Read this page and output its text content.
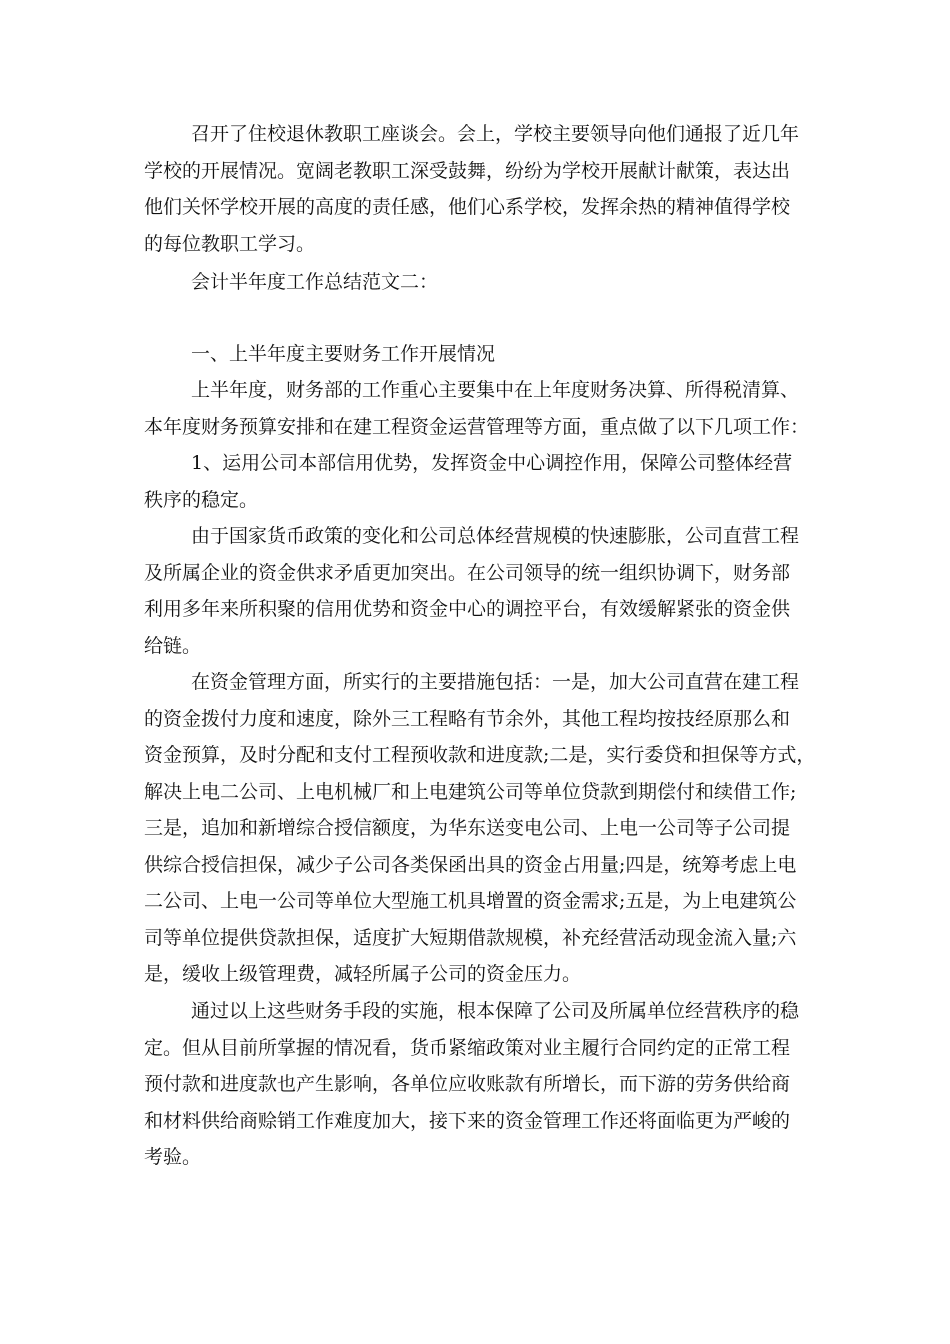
召开了住校退休教职工座谈会。会上，学校主要领导向他们通报了近几年
学校的开展情况。宽阔老教职工深受鼓舞，纷纷为学校开展献计献策，表达出
他们关怀学校开展的高度的责任感，他们心系学校，发挥余热的精神值得学校
的每位教职工学习。
会计半年度工作总结范文二：
一、上半年度主要财务工作开展情况
上半年度，财务部的工作重心主要集中在上年度财务决算、所得税清算、
本年度财务预算安排和在建工程资金运营管理等方面，重点做了以下几项工作：
1、运用公司本部信用优势，发挥资金中心调控作用，保障公司整体经营
秩序的稳定。
由于国家货币政策的变化和公司总体经营规模的快速膨胀，公司直营工程
及所属企业的资金供求矛盾更加突出。在公司领导的统一组织协调下，财务部
利用多年来所积聚的信用优势和资金中心的调控平台，有效缓解紧张的资金供
给链。
在资金管理方面，所实行的主要措施包括：一是，加大公司直营在建工程
的资金拨付力度和速度，除外三工程略有节余外，其他工程均按技经原那么和
资金预算，及时分配和支付工程预收款和进度款;二是，实行委贷和担保等方式，
解决上电二公司、上电机械厂和上电建筑公司等单位贷款到期偿付和续借工作;
三是，追加和新增综合授信额度，为华东送变电公司、上电一公司等子公司提
供综合授信担保，减少子公司各类保函出具的资金占用量;四是，统筹考虑上电
二公司、上电一公司等单位大型施工机具增置的资金需求;五是，为上电建筑公
司等单位提供贷款担保，适度扩大短期借款规模，补充经营活动现金流入量;六
是，缓收上级管理费，减轻所属子公司的资金压力。
通过以上这些财务手段的实施，根本保障了公司及所属单位经营秩序的稳
定。但从目前所掌握的情况看，货币紧缩政策对业主履行合同约定的正常工程
预付款和进度款也产生影响，各单位应收账款有所增长，而下游的劳务供给商
和材料供给商赊销工作难度加大，接下来的资金管理工作还将面临更为严峻的
考验。
